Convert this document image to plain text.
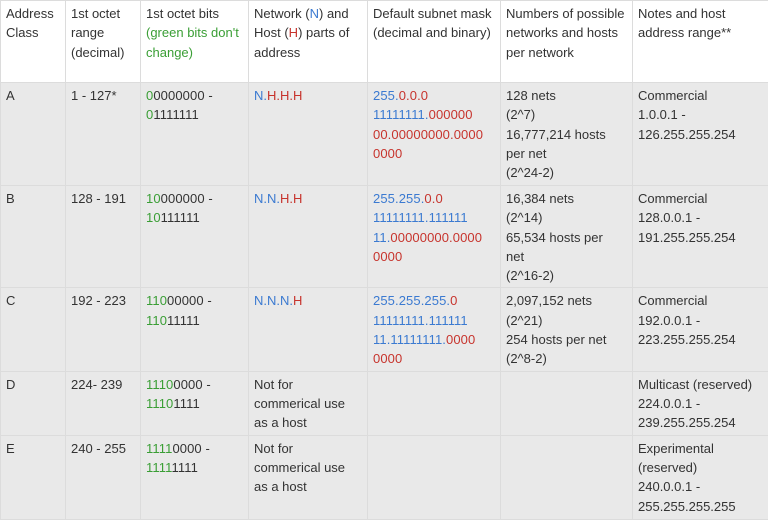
Address Class	1st octet range (decimal)	1st octet bits (green bits don't change)	Network (N) and Host (H) parts of address	Default subnet mask (decimal and binary)	Numbers of possible networks and hosts per network	Notes and host address range**
A	1 - 127*	00000000 -
01111111	N.H.H.H	255.0.0.0
11111111.000000
00.00000000.0000
0000	128 nets
(2^7)
16,777,214 hosts
per net
(2^24-2)	Commercial
1.0.0.1 -
126.255.255.254

B	128 - 191	10000000 -
10111111	N.N.H.H	255.255.0.0
11111111.111111
11.00000000.0000
0000	16,384 nets
(2^14)
65,534 hosts per
net
(2^16-2)	Commercial
128.0.0.1 -
191.255.255.254

C	192 - 223	11000000 -
11011111	N.N.N.H	255.255.255.0
11111111.111111
11.11111111.0000
0000	2,097,152 nets
(2^21)
254 hosts per net
(2^8-2)	Commercial
192.0.0.1 -
223.255.255.254

D	224- 239	11100000 -
11101111	Not for
commerical use
as a host			Multicast (reserved)
224.0.0.1 -
239.255.255.254

E	240 - 255	11110000 -
11111111	Not for
commerical use
as a host			Experimental
(reserved)
240.0.0.1 -
255.255.255.255
